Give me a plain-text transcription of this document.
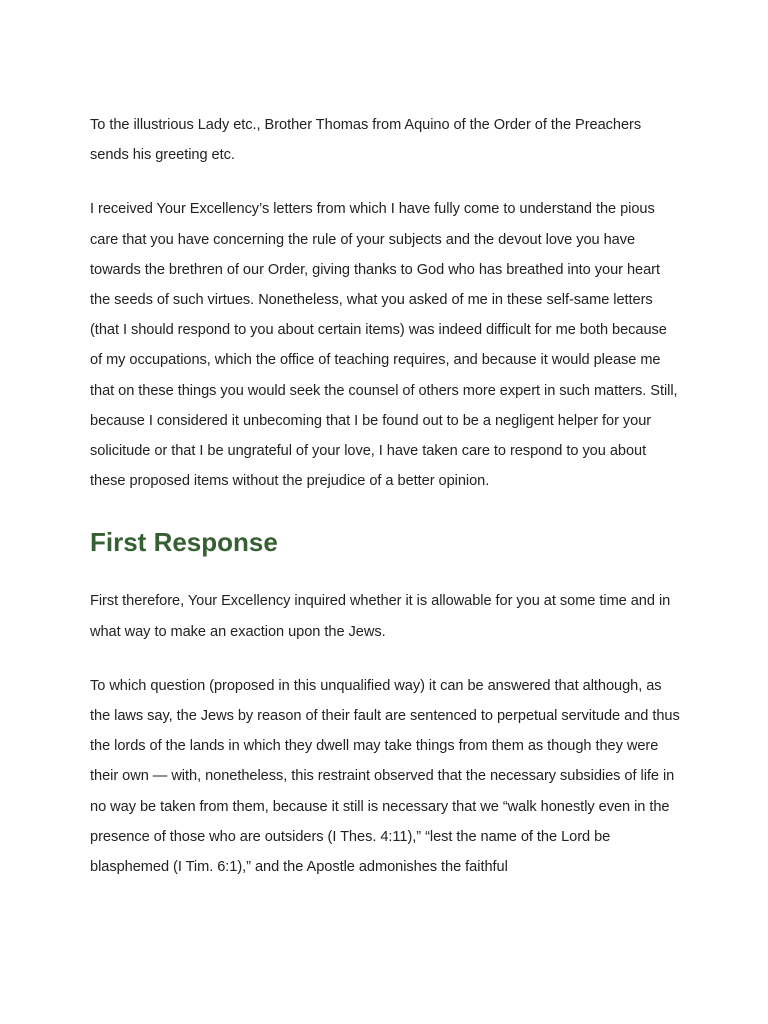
To the illustrious Lady etc., Brother Thomas from Aquino of the Order of the Preachers sends his greeting etc.

I received Your Excellency’s letters from which I have fully come to understand the pious care that you have concerning the rule of your subjects and the devout love you have towards the brethren of our Order, giving thanks to God who has breathed into your heart the seeds of such virtues. Nonetheless, what you asked of me in these self-same letters (that I should respond to you about certain items) was indeed difficult for me both because of my occupations, which the office of teaching requires, and because it would please me that on these things you would seek the counsel of others more expert in such matters. Still, because I considered it unbecoming that I be found out to be a negligent helper for your solicitude or that I be ungrateful of your love, I have taken care to respond to you about these proposed items without the prejudice of a better opinion.

First Response

First therefore, Your Excellency inquired whether it is allowable for you at some time and in what way to make an exaction upon the Jews.

To which question (proposed in this unqualified way) it can be answered that although, as the laws say, the Jews by reason of their fault are sentenced to perpetual servitude and thus the lords of the lands in which they dwell may take things from them as though they were their own — with, nonetheless, this restraint observed that the necessary subsidies of life in no way be taken from them, because it still is necessary that we “walk honestly even in the presence of those who are outsiders (I Thes. 4:11),” “lest the name of the Lord be blasphemed (I Tim. 6:1),” and the Apostle admonishes the faithful
